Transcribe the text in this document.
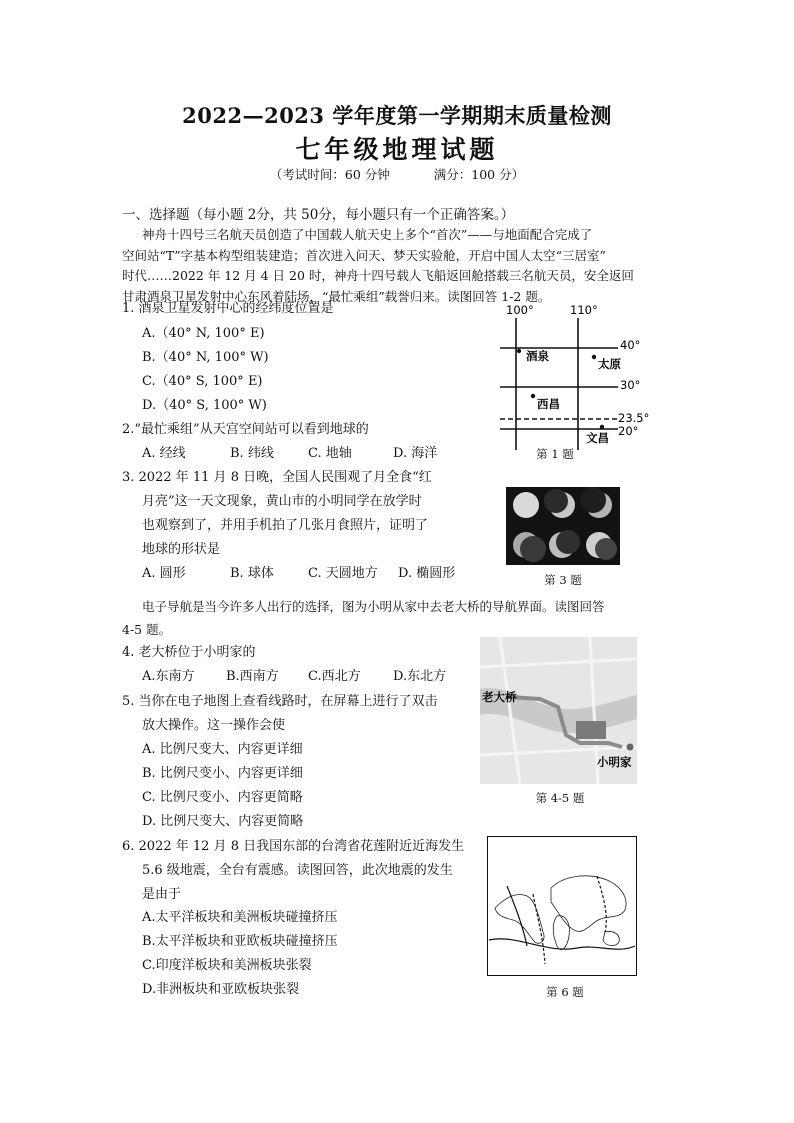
2022—2023 学年度第一学期期末质量检测
七年级地理试题
（考试时间：60 分钟	满分：100 分）
一、选择题（每小题 2分，共 50分，每小题只有一个正确答案。）
神舟十四号三名航天员创造了中国载人航天史上多个“首次”——与地面配合完成了
空间站“T”字基本构型组装建造；首次进入问天、梦天实验舱，开启中国人太空“三居室”
时代……2022 年 12 月 4 日 20 时，神舟十四号载人飞船返回舱搭载三名航天员，安全返回
甘肃酒泉卫星发射中心东风着陆场，“最忙乘组”载誉归来。读图回答 1-2 题。
1. 酒泉卫星发射中心的经纬度位置是
A.（40° N, 100° E)
B.（40° N, 100° W)
C.（40° S, 100° E)
D.（40° S, 100° W)
2.“最忙乘组”从天宫空间站可以看到地球的
A. 经线	B. 纬线	C. 地轴	D. 海洋
3. 2022 年 11 月 8 日晚，全国人民围观了月全食“红
月亮”这一天文现象，黄山市的小明同学在放学时
也观察到了，并用手机拍了几张月食照片，证明了
地球的形状是
A. 圆形	B. 球体	C. 天圆地方 D. 椭圆形
电子导航是当今许多人出行的选择，图为小明从家中去老大桥的导航界面。读图回答
4-5 题。
4. 老大桥位于小明家的
A.东南方 B.西南方 C.西北方 D.东北方
5. 当你在电子地图上查看线路时，在屏幕上进行了双击
放大操作。这一操作会使
A. 比例尺变大、内容更详细
B. 比例尺变小、内容更详细
C. 比例尺变小、内容更简略
D. 比例尺变大、内容更简略
6. 2022 年 12 月 8 日我国东部的台湾省花莲附近近海发生
5.6 级地震，全台有震感。读图回答，此次地震的发生
是由于
A.太平洋板块和美洲板块碰撞挤压
B.太平洋板块和亚欧板块碰撞挤压
C.印度洋板块和美洲板块张裂
D.非洲板块和亚欧板块张裂
100°	110°
40°
30°
23.5°
20°
酒泉
太原
西昌
文昌
第 1 题
第 3 题
老大桥
小明家
第 4-5 题
第 6 题
